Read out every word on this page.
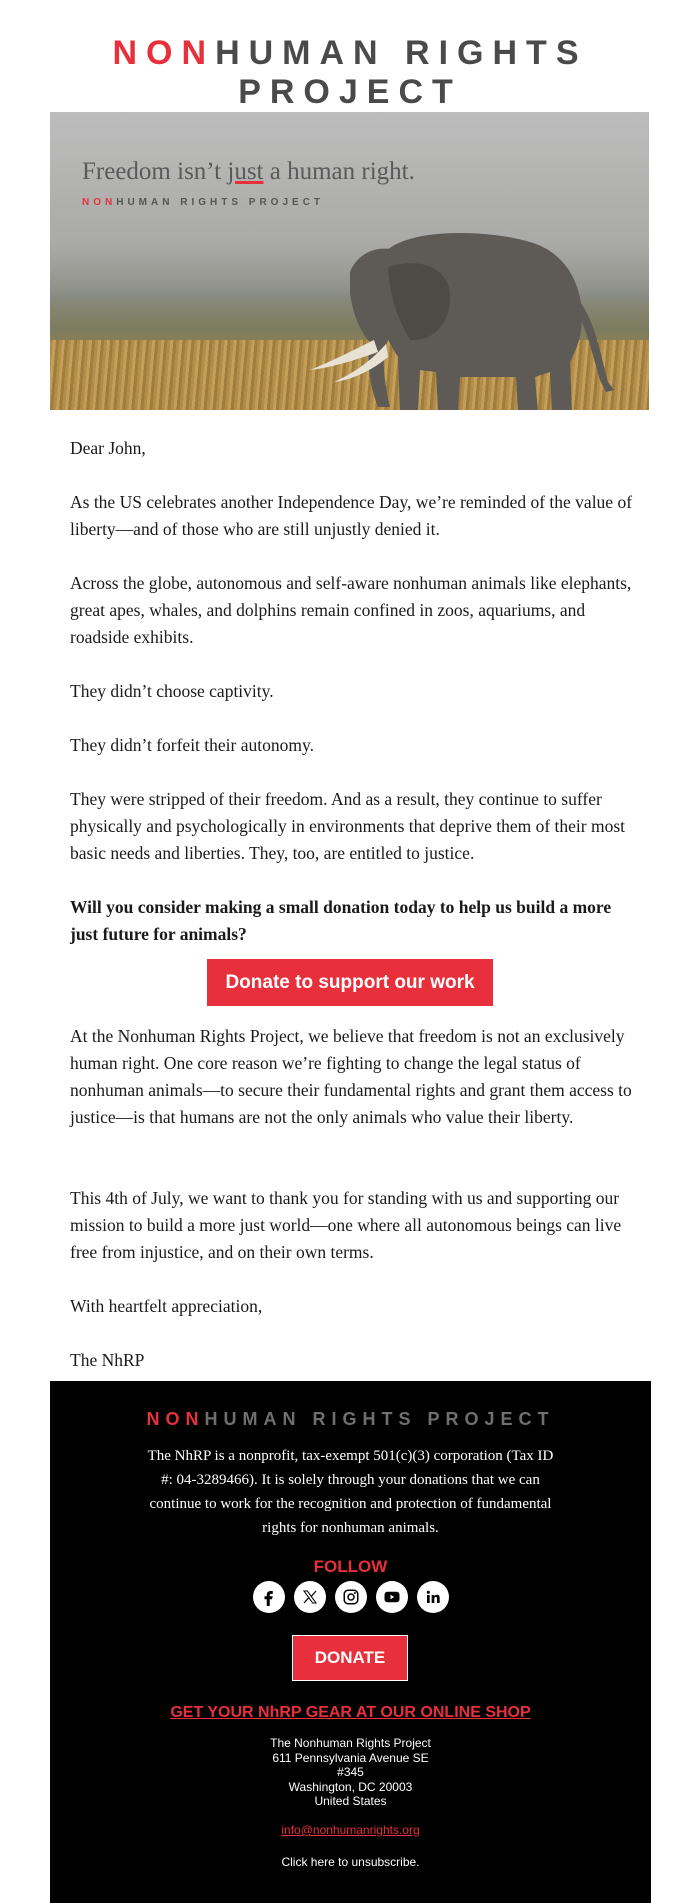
NONHUMAN RIGHTS PROJECT
Freedom isn’t just a human right.
NONHUMAN RIGHTS PROJECT

Dear John,

As the US celebrates another Independence Day, we’re reminded of the value of liberty—and of those who are still unjustly denied it.

Across the globe, autonomous and self-aware nonhuman animals like elephants, great apes, whales, and dolphins remain confined in zoos, aquariums, and roadside exhibits.

They didn’t choose captivity.

They didn’t forfeit their autonomy.

They were stripped of their freedom. And as a result, they continue to suffer physically and psychologically in environments that deprive them of their most basic needs and liberties. They, too, are entitled to justice.

Will you consider making a small donation today to help us build a more just future for animals?

Donate to support our work

At the Nonhuman Rights Project, we believe that freedom is not an exclusively human right. One core reason we’re fighting to change the legal status of nonhuman animals—to secure their fundamental rights and grant them access to justice—is that humans are not the only animals who value their liberty.

This 4th of July, we want to thank you for standing with us and supporting our mission to build a more just world—one where all autonomous beings can live free from injustice, and on their own terms.

With heartfelt appreciation,

The NhRP

NONHUMAN RIGHTS PROJECT
The NhRP is a nonprofit, tax-exempt 501(c)(3) corporation (Tax ID #: 04-3289466). It is solely through your donations that we can continue to work for the recognition and protection of fundamental rights for nonhuman animals.
FOLLOW
DONATE
GET YOUR NhRP GEAR AT OUR ONLINE SHOP
The Nonhuman Rights Project
611 Pennsylvania Avenue SE
#345
Washington, DC 20003
United States
info@nonhumanrights.org
Click here to unsubscribe.
